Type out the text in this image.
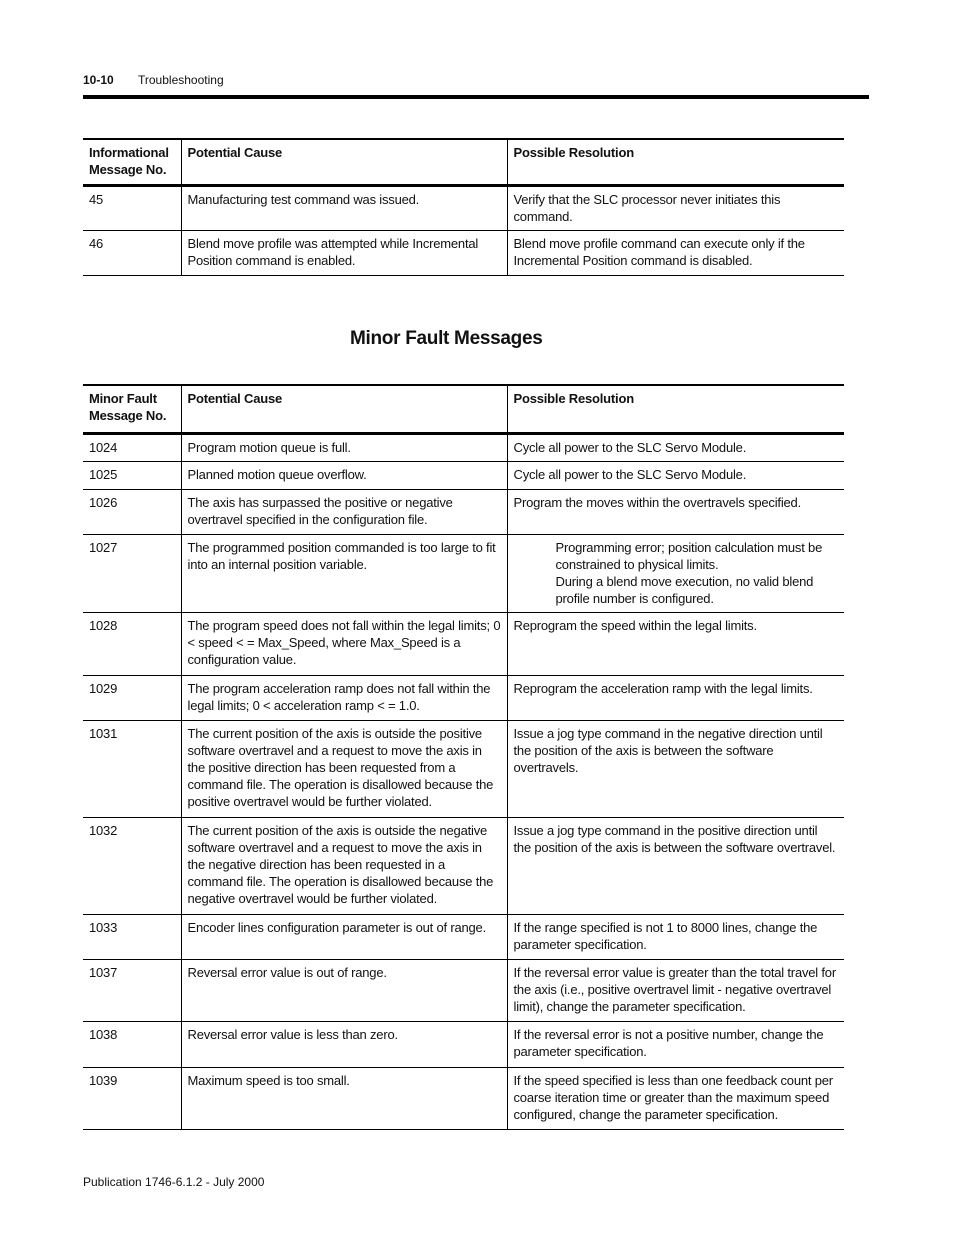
10-10 Troubleshooting
Informational Message No.	Potential Cause	Possible Resolution
45	Manufacturing test command was issued.	Verify that the SLC processor never initiates this command.
46	Blend move profile was attempted while Incremental Position command is enabled.	Blend move profile command can execute only if the Incremental Position command is disabled.
Minor Fault Messages
Minor Fault Message No.	Potential Cause	Possible Resolution
1024	Program motion queue is full.	Cycle all power to the SLC Servo Module.
1025	Planned motion queue overflow.	Cycle all power to the SLC Servo Module.
1026	The axis has surpassed the positive or negative overtravel specified in the configuration file.	Program the moves within the overtravels specified.
1027	The programmed position commanded is too large to fit into an internal position variable.	Programming error; position calculation must be constrained to physical limits.
During a blend move execution, no valid blend profile number is configured.

1028	The program speed does not fall within the legal limits; 0 < speed < = Max_Speed, where Max_Speed is a configuration value.	Reprogram the speed within the legal limits.
1029	The program acceleration ramp does not fall within the legal limits; 0 < acceleration ramp < = 1.0.	Reprogram the acceleration ramp with the legal limits.
1031	The current position of the axis is outside the positive software overtravel and a request to move the axis in the positive direction has been requested from a command file. The operation is disallowed because the positive overtravel would be further violated.	Issue a jog type command in the negative direction until the position of the axis is between the software overtravels.
1032	The current position of the axis is outside the negative software overtravel and a request to move the axis in the negative direction has been requested in a command file. The operation is disallowed because the negative overtravel would be further violated.	Issue a jog type command in the positive direction until the position of the axis is between the software overtravel.
1033	Encoder lines configuration parameter is out of range.	If the range specified is not 1 to 8000 lines, change the parameter specification.
1037	Reversal error value is out of range.	If the reversal error value is greater than the total travel for the axis (i.e., positive overtravel limit - negative overtravel limit), change the parameter specification.
1038	Reversal error value is less than zero.	If the reversal error is not a positive number, change the parameter specification.
1039	Maximum speed is too small.	If the speed specified is less than one feedback count per coarse iteration time or greater than the maximum speed configured, change the parameter specification.
Publication 1746-6.1.2 - July 2000
